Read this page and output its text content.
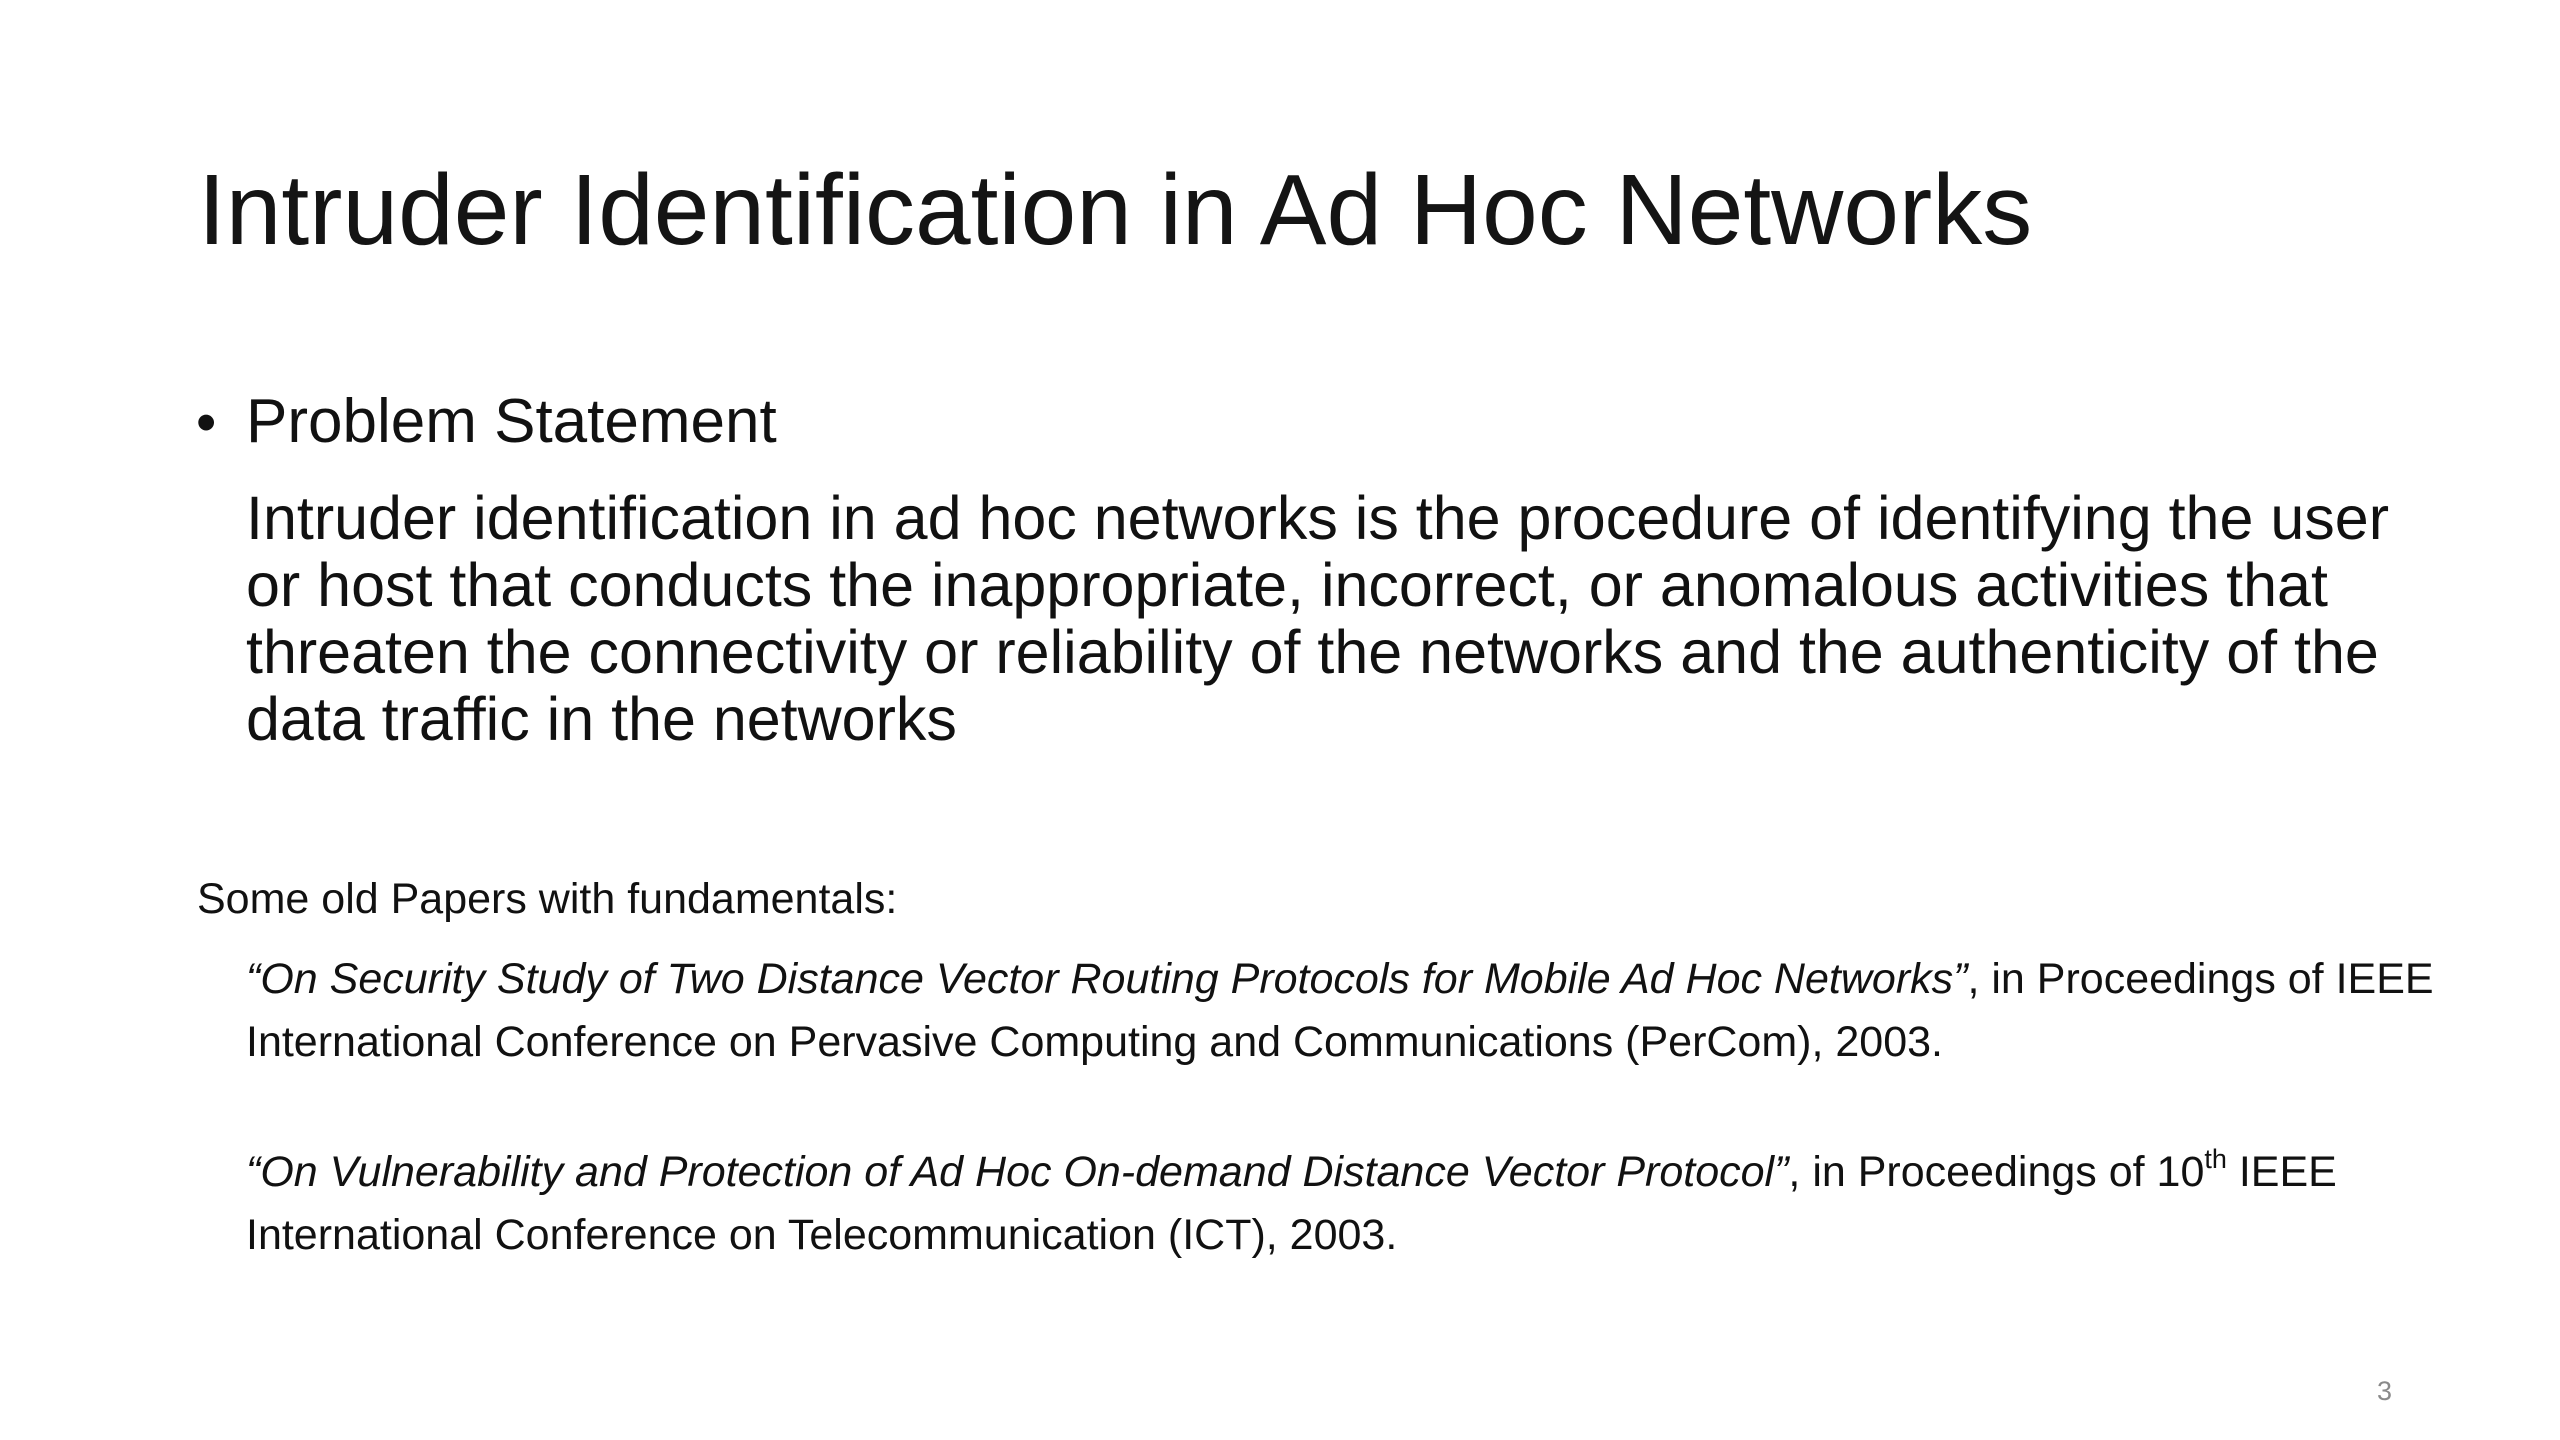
Intruder Identification in Ad Hoc Networks
• Problem Statement
Intruder identification in ad hoc networks is the procedure of identifying the user or host that conducts the inappropriate, incorrect, or anomalous activities that threaten the connectivity or reliability of the networks and the authenticity of the data traffic in the networks
Some old Papers with fundamentals:
“On Security Study of Two Distance Vector Routing Protocols for Mobile Ad Hoc Networks”, in Proceedings of IEEE International Conference on Pervasive Computing and Communications (PerCom), 2003.
“On Vulnerability and Protection of Ad Hoc On-demand Distance Vector Protocol”, in Proceedings of 10th IEEE International Conference on Telecommunication (ICT), 2003.
3
